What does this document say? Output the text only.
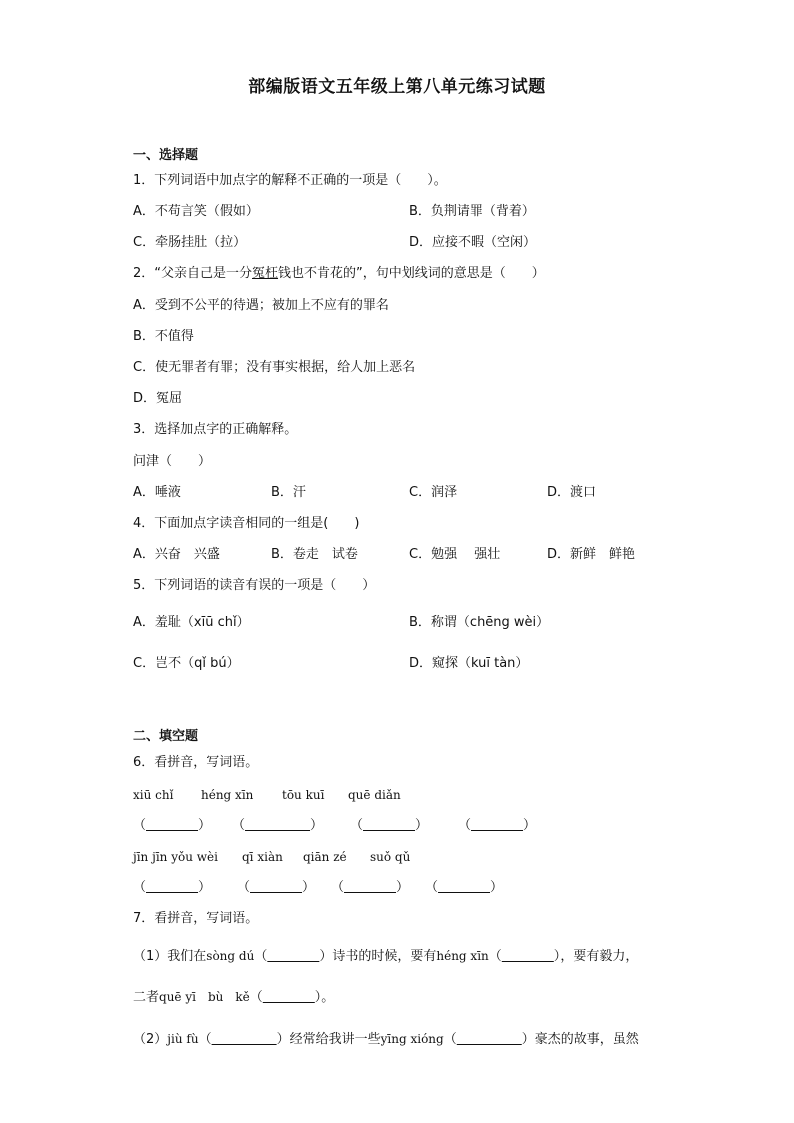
部编版语文五年级上第八单元练习试题
一、选择题
1．下列词语中加点字的解释不正确的一项是（　　）。
A．不苟言笑（假如）	B．负荆请罪（背着）
C．牵肠挂肚（拉）	D．应接不暇（空闲）
2．“父亲自己是一分冤枉钱也不肯花的”，句中划线词的意思是（　　）
A．受到不公平的待遇；被加上不应有的罪名
B．不值得
C．使无罪者有罪；没有事实根据，给人加上恶名
D．冤屈
3．选择加点字的正确解释。
问津（　　）
A．唾液	B．汗	C．润泽	D．渡口
4．下面加点字读音相同的一组是(　　)
A．兴奋　兴盛	B．卷走　试卷	C．勉强　 强壮	D．新鲜　鲜艳
5．下列词语的读音有误的一项是（　　）
A．羞耻（xīū chǐ）	B．称谓（chēng wèi）
C．岂不（qǐ bú）	D．窥探（kuī tàn）
二、填空题
6．看拼音，写词语。
xiū chǐ héng xīn tōu kuī quē diǎn
（　　　　	） （　　　　　	） （　　　　	） （　　　　	）
jīn jīn yǒu wèi qī xiàn qiān zé suǒ qǔ
（　　　　	） （　　　　	） （　　　　	） （　　　　	）
7．看拼音，写词语。
（1）我们在sòng dú（　　　　	）诗书的时候，要有héng xīn（　　　　	），要有毅力，
二者quē yī　bù　kě（　　　　	）。
（2）jiù fù（　　　　　	）经常给我讲一些yīng xióng（　　　　　	）豪杰的故事，虽然
